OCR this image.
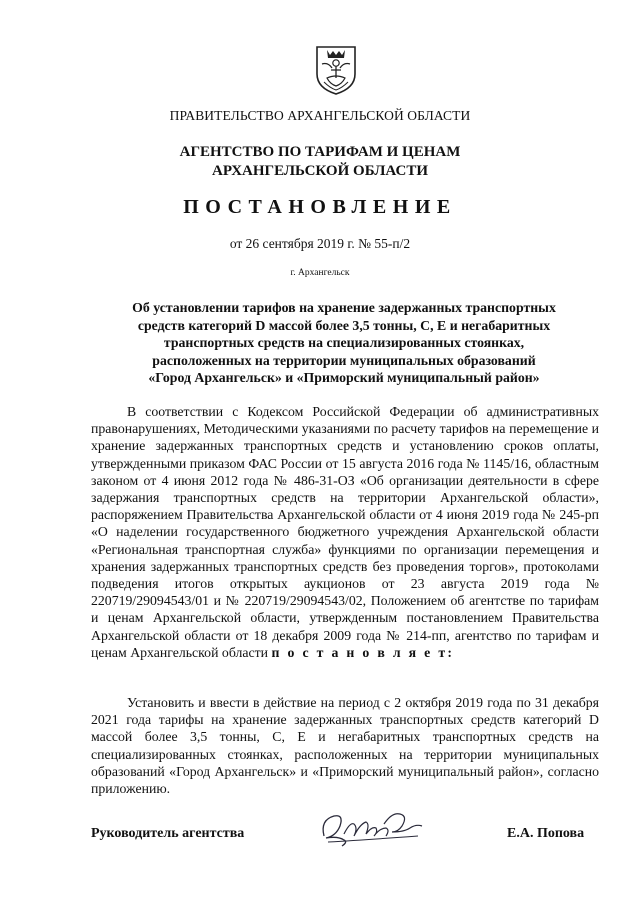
ПРАВИТЕЛЬСТВО АРХАНГЕЛЬСКОЙ ОБЛАСТИ
АГЕНТСТВО ПО ТАРИФАМ И ЦЕНАМ
АРХАНГЕЛЬСКОЙ ОБЛАСТИ
ПОСТАНОВЛЕНИЕ
от 26 сентября 2019 г. № 55-п/2
г. Архангельск
Об установлении тарифов на хранение задержанных транспортных
средств категорий D массой более 3,5 тонны, C, E и негабаритных
транспортных средств на специализированных стоянках,
расположенных на территории муниципальных образований
«Город Архангельск» и «Приморский муниципальный район»

В соответствии с Кодексом Российской Федерации об административных правонарушениях, Методическими указаниями по расчету тарифов на перемещение и хранение задержанных транспортных средств и установлению сроков оплаты, утвержденными приказом ФАС России от 15 августа 2016 года № 1145/16, областным законом от 4 июня 2012 года № 486-31-ОЗ «Об организации деятельности в сфере задержания транспортных средств на территории Архангельской области», распоряжением Правительства Архангельской области от 4 июня 2019 года № 245-рп «О наделении государственного бюджетного учреждения Архангельской области «Региональная транспортная служба» функциями по организации перемещения и хранения задержанных транспортных средств без проведения торгов», протоколами подведения итогов открытых аукционов от 23 августа 2019 года № 220719/29094543/01 и № 220719/29094543/02, Положением об агентстве по тарифам и ценам Архангельской области, утвержденным постановлением Правительства Архангельской области от 18 декабря 2009 года № 214-пп, агентство по тарифам и ценам Архангельской области п о с т а н о в л я е т:

Установить и ввести в действие на период с 2 октября 2019 года по 31 декабря 2021 года тарифы на хранение задержанных транспортных средств категорий D массой более 3,5 тонны, C, E и негабаритных транспортных средств на специализированных стоянках, расположенных на территории муниципальных образований «Город Архангельск» и «Приморский муниципальный район», согласно приложению.

Руководитель агентства	Е.А. Попова
